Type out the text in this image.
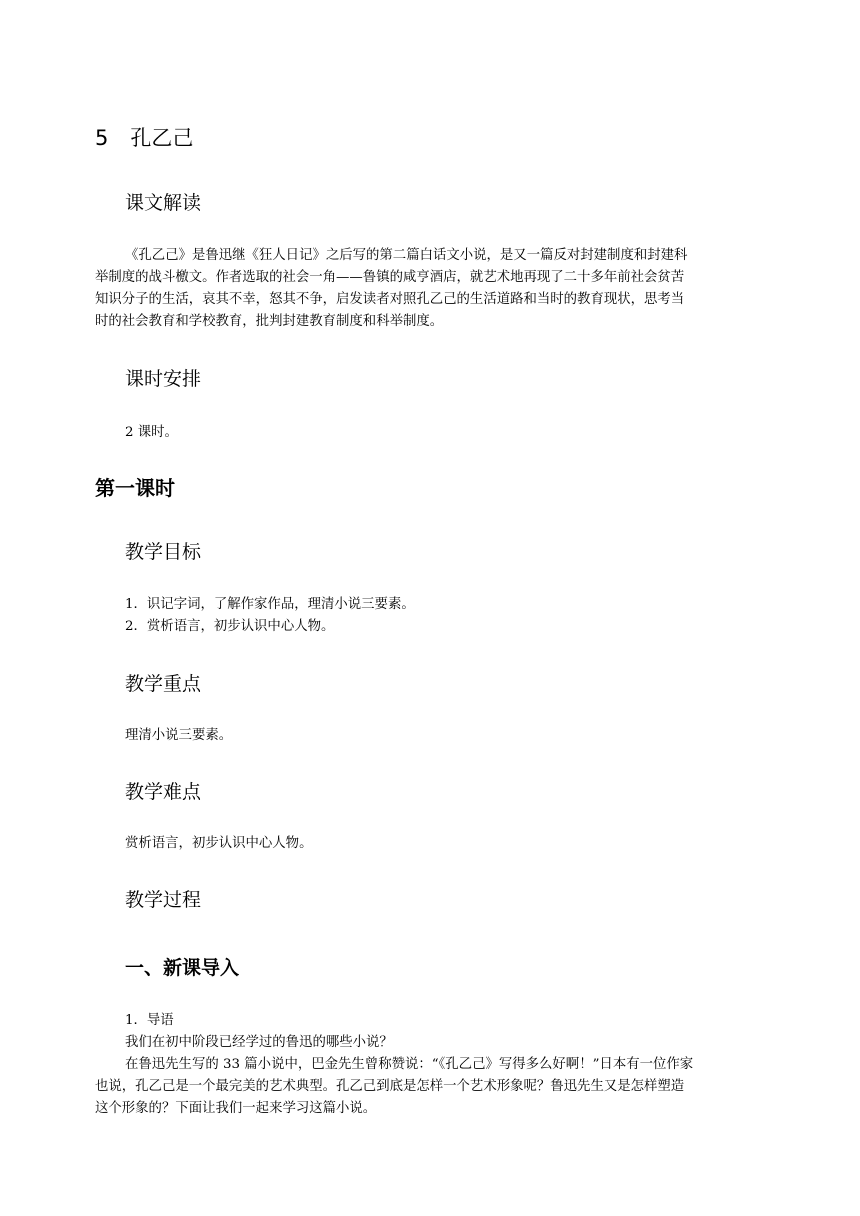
5 孔乙己
课文解读
《孔乙己》是鲁迅继《狂人日记》之后写的第二篇白话文小说，是又一篇反对封建制度和封建科
举制度的战斗檄文。作者选取的社会一角——鲁镇的咸亨酒店，就艺术地再现了二十多年前社会贫苦
知识分子的生活，哀其不幸，怒其不争，启发读者对照孔乙己的生活道路和当时的教育现状，思考当
时的社会教育和学校教育，批判封建教育制度和科举制度。
课时安排
2 课时。
第一课时
教学目标
1．识记字词，了解作家作品，理清小说三要素。
2．赏析语言，初步认识中心人物。
教学重点
理清小说三要素。
教学难点
赏析语言，初步认识中心人物。
教学过程
一、新课导入
1．导语
我们在初中阶段已经学过的鲁迅的哪些小说？
在鲁迅先生写的 33 篇小说中，巴金先生曾称赞说：“《孔乙己》写得多么好啊！”日本有一位作家
也说，孔乙己是一个最完美的艺术典型。孔乙己到底是怎样一个艺术形象呢？鲁迅先生又是怎样塑造
这个形象的？下面让我们一起来学习这篇小说。
